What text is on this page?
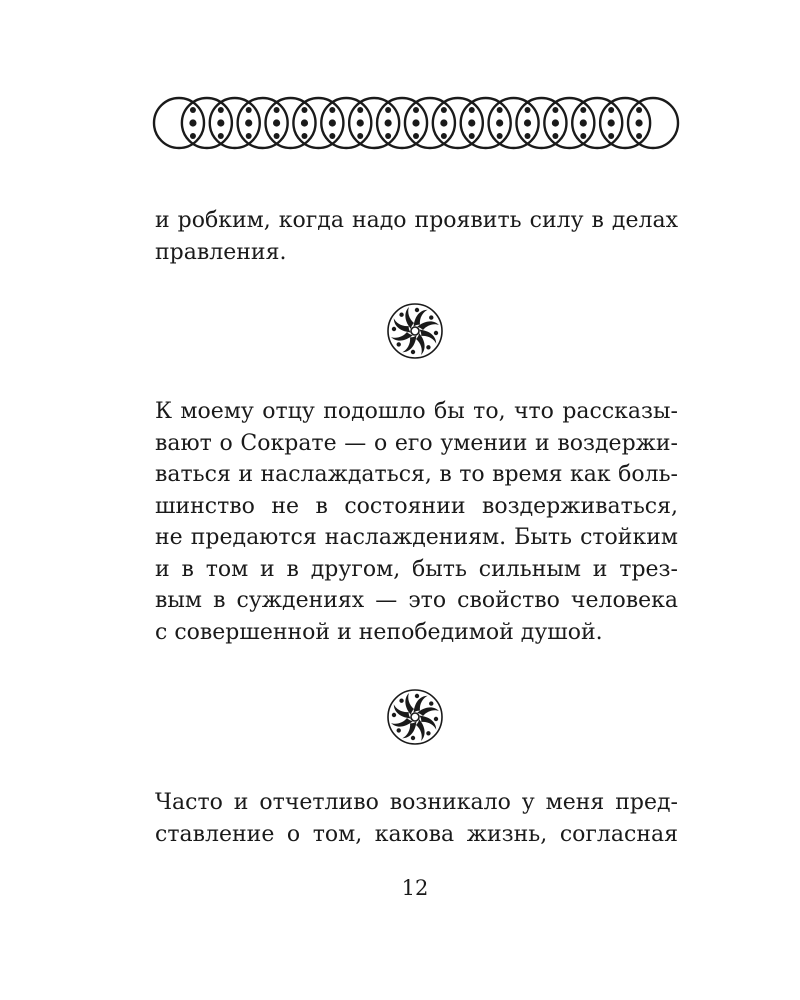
и робким, когда надо проявить силу в делах
правления.
К моему отцу подошло бы то, что рассказы-
вают о Сократе — о его умении и воздержи-
ваться и наслаждаться, в то время как боль-
шинство не в состоянии воздерживаться,
не предаются наслаждениям. Быть стойким
и в том и в другом, быть сильным и трез-
вым в суждениях — это свойство человека
с совершенной и непобедимой душой.
Часто и отчетливо возникало у меня пред-
ставление о том, какова жизнь, согласная
12
